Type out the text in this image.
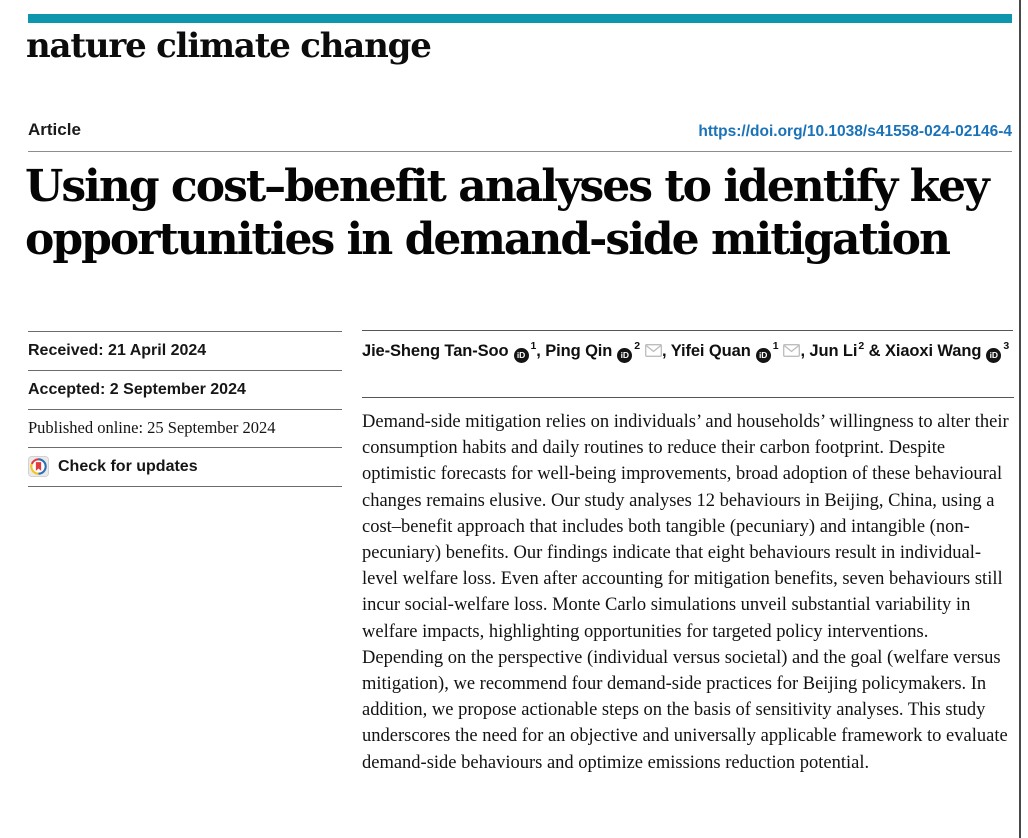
nature climate change
Article	https://doi.org/10.1038/s41558-024-02146-4
Using cost–benefit analyses to identify key
opportunities in demand-side mitigation
Received: 21 April 2024
Accepted: 2 September 2024
Published online: 25 September 2024
Check for updates
Jie-Sheng Tan-Soo $iD^1$, Ping Qin $iD^2$ , Yifei Quan $iD^1$ , Jun Li$^2$ & Xiaoxi Wang $iD^3$
Demand-side mitigation relies on individuals’ and households’ willingness to alter their consumption habits and daily routines to reduce their carbon footprint. Despite optimistic forecasts for well-being improvements, broad adoption of these behavioural changes remains elusive. Our study analyses 12 behaviours in Beijing, China, using a cost–benefit approach that includes both tangible (pecuniary) and intangible (non-pecuniary) benefits. Our findings indicate that eight behaviours result in individual-level welfare loss. Even after accounting for mitigation benefits, seven behaviours still incur social-welfare loss. Monte Carlo simulations unveil substantial variability in welfare impacts, highlighting opportunities for targeted policy interventions. Depending on the perspective (individual versus societal) and the goal (welfare versus mitigation), we recommend four demand-side practices for Beijing policymakers. In addition, we propose actionable steps on the basis of sensitivity analyses. This study underscores the need for an objective and universally applicable framework to evaluate demand-side behaviours and optimize emissions reduction potential.
